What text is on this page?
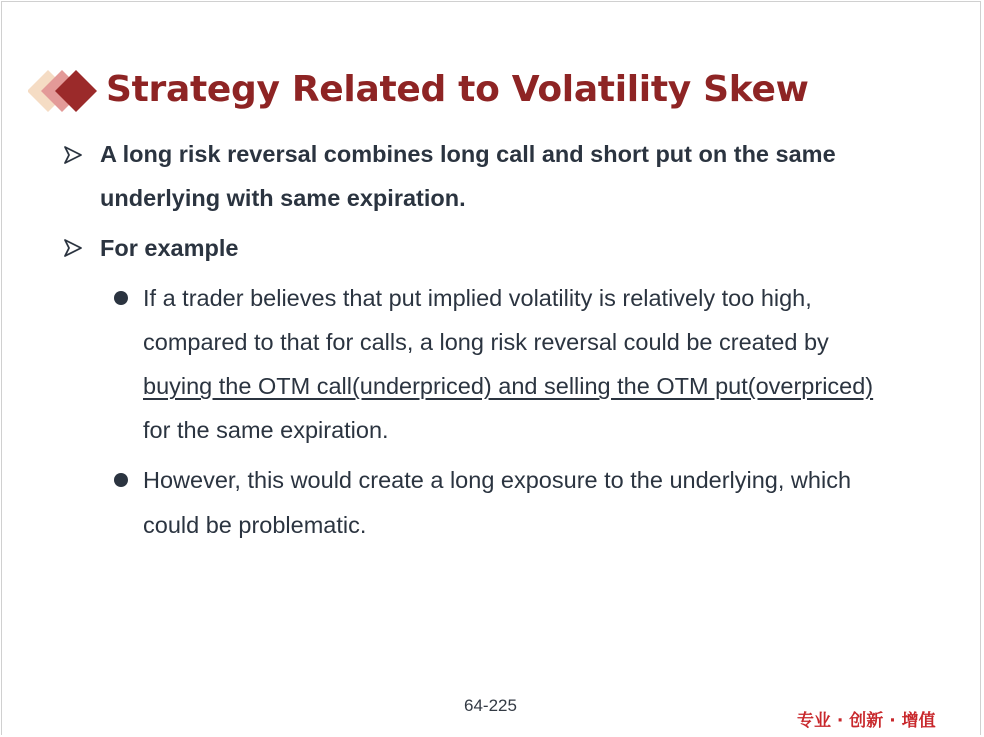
Strategy Related to Volatility Skew
A long risk reversal combines long call and short put on the same
underlying with same expiration.
For example
If a trader believes that put implied volatility is relatively too high,
compared to that for calls, a long risk reversal could be created by
buying the OTM call(underpriced) and selling the OTM put(overpriced)
for the same expiration.
However, this would create a long exposure to the underlying, which
could be problematic.
64-225
专业 · 创新 · 增值
